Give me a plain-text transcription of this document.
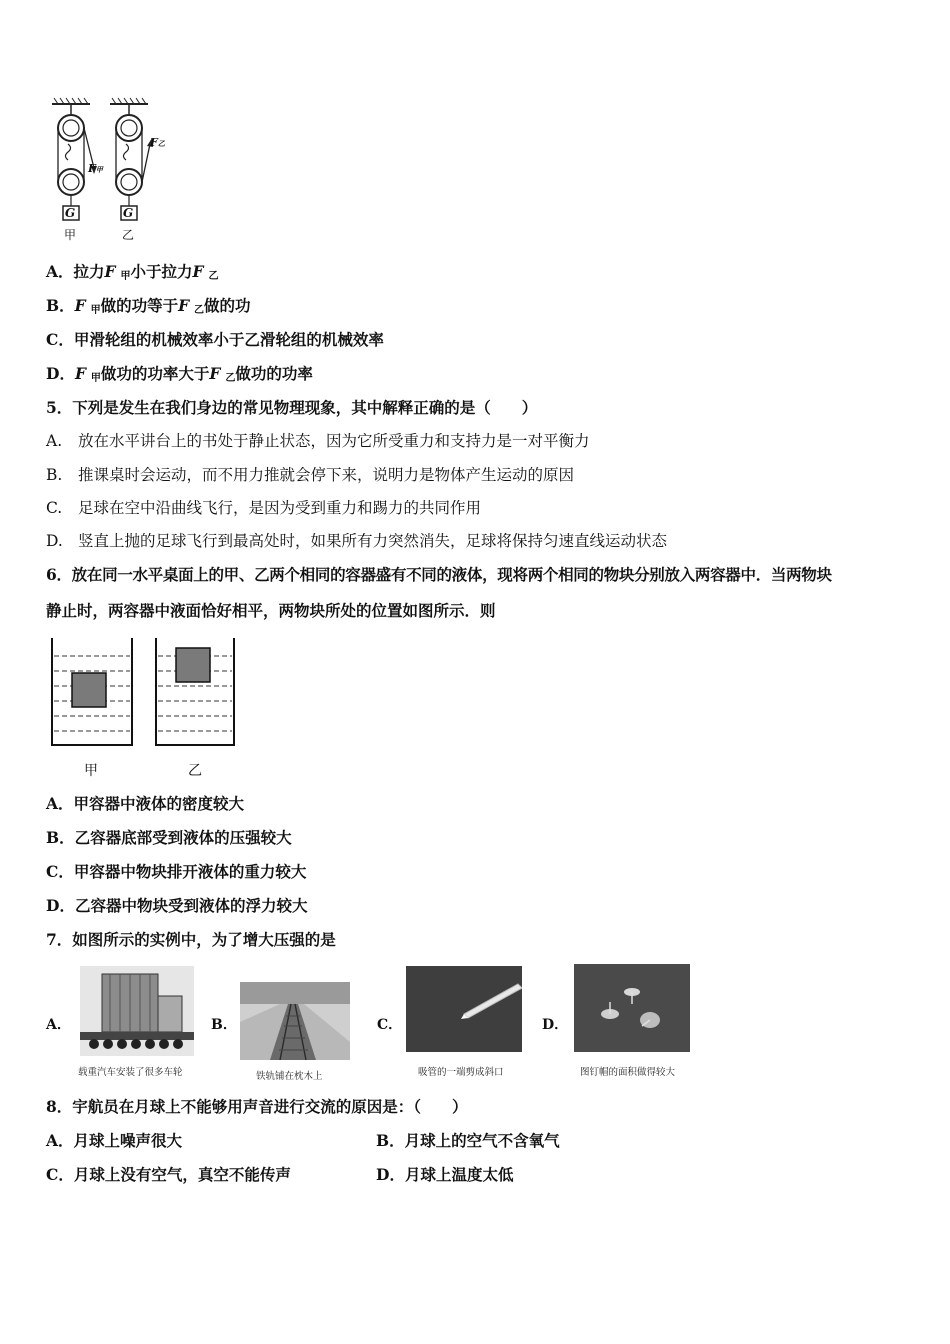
G	G
F甲
F乙
甲	乙
A．拉力F $_甲$小于拉力F $_乙$
B．F $_甲$做的功等于F $_乙$做的功
C．甲滑轮组的机械效率小于乙滑轮组的机械效率
D．F $_甲$做功的功率大于F $_乙$做功的功率
5．下列是发生在我们身边的常见物理现象，其中解释正确的是（　　）
A. 放在水平讲台上的书处于静止状态，因为它所受重力和支持力是一对平衡力
B. 推课桌时会运动，而不用力推就会停下来，说明力是物体产生运动的原因
C. 足球在空中沿曲线飞行，是因为受到重力和踢力的共同作用
D. 竖直上抛的足球飞行到最高处时，如果所有力突然消失，足球将保持匀速直线运动状态
6．放在同一水平桌面上的甲、乙两个相同的容器盛有不同的液体，现将两个相同的物块分别放入两容器中．当两物块
静止时，两容器中液面恰好相平，两物块所处的位置如图所示．则
甲	乙
A．甲容器中液体的密度较大
B．乙容器底部受到液体的压强较大
C．甲容器中物块排开液体的重力较大
D．乙容器中物块受到液体的浮力较大
7．如图所示的实例中，为了增大压强的是
A．
载重汽车安装了很多车轮
B．
铁轨铺在枕木上
C．
吸管的一端剪成斜口
D．
图钉帽的面积做得较大
8．宇航员在月球上不能够用声音进行交流的原因是：（　　）
A．月球上噪声很大	B．月球上的空气不含氧气
C．月球上没有空气，真空不能传声	D．月球上温度太低
